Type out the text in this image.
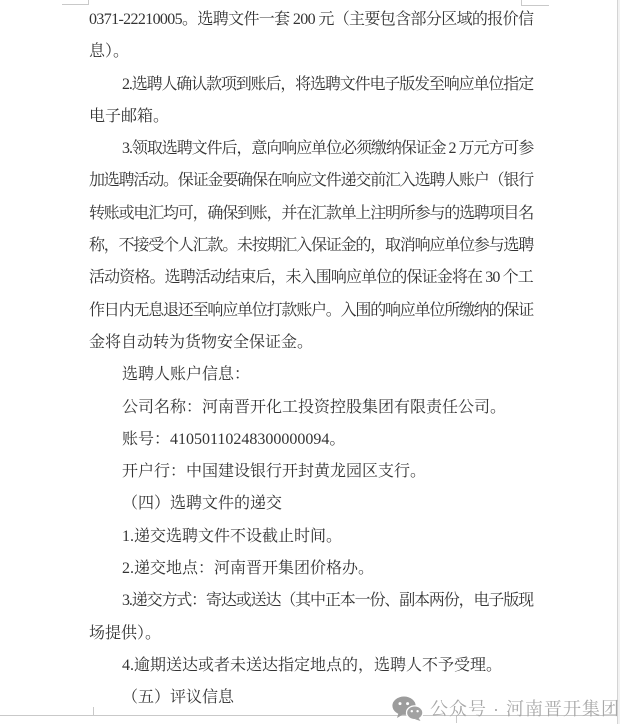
0371-22210005。选聘文件一套 200 元（主要包含部分区域的报价信
息）。
2.选聘人确认款项到账后，将选聘文件电子版发至响应单位指定
电子邮箱。
3.领取选聘文件后，意向响应单位必须缴纳保证金 2 万元方可参
加选聘活动。保证金要确保在响应文件递交前汇入选聘人账户（银行
转账或电汇均可，确保到账，并在汇款单上注明所参与的选聘项目名
称，不接受个人汇款。未按期汇入保证金的，取消响应单位参与选聘
活动资格。选聘活动结束后，未入围响应单位的保证金将在 30 个工
作日内无息退还至响应单位打款账户。入围的响应单位所缴纳的保证
金将自动转为货物安全保证金。
选聘人账户信息：
公司名称：河南晋开化工投资控股集团有限责任公司。
账号：41050110248300000094。
开户行：中国建设银行开封黄龙园区支行。
（四）选聘文件的递交
1.递交选聘文件不设截止时间。
2.递交地点：河南晋开集团价格办。
3.递交方式：寄达或送达（其中正本一份、副本两份，电子版现
场提供）。
4.逾期送达或者未送达指定地点的，选聘人不予受理。
（五）评议信息
公众号 · 河南晋开集团
